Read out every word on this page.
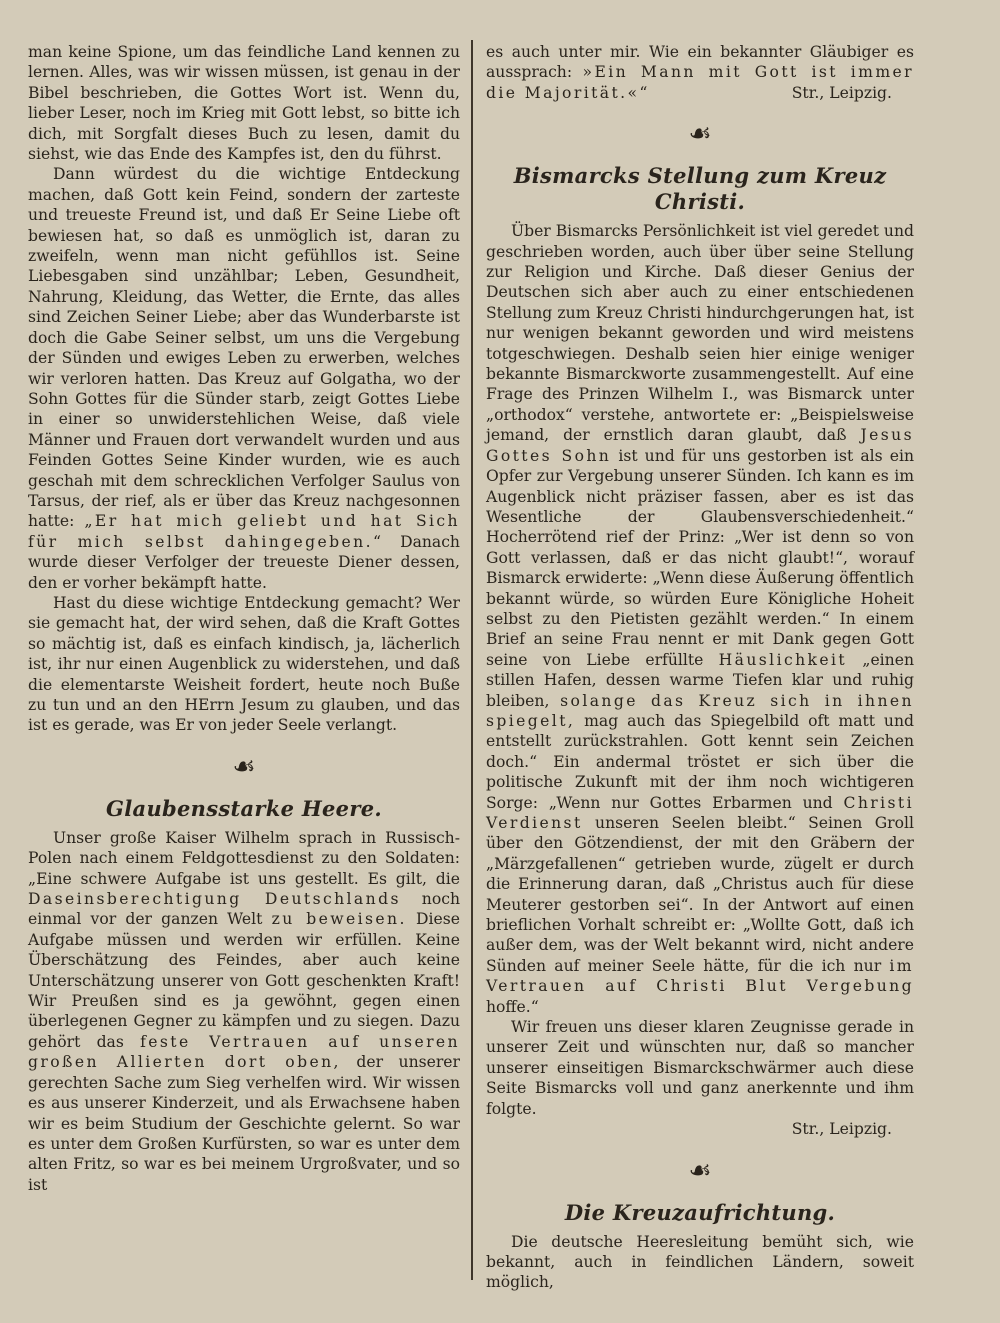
man keine Spione, um das feindliche Land kennen zu lernen. Alles, was wir wissen müssen, ist genau in der Bibel beschrieben, die Gottes Wort ist. Wenn du, lieber Leser, noch im Krieg mit Gott lebst, so bitte ich dich, mit Sorgfalt dieses Buch zu lesen, damit du siehst, wie das Ende des Kampfes ist, den du führst.

Dann würdest du die wichtige Entdeckung machen, daß Gott kein Feind, sondern der zarteste und treueste Freund ist, und daß Er Seine Liebe oft bewiesen hat, so daß es unmöglich ist, daran zu zweifeln, wenn man nicht gefühllos ist. Seine Liebesgaben sind unzählbar; Leben, Gesundheit, Nahrung, Kleidung, das Wetter, die Ernte, das alles sind Zeichen Seiner Liebe; aber das Wunderbarste ist doch die Gabe Seiner selbst, um uns die Vergebung der Sünden und ewiges Leben zu erwerben, welches wir verloren hatten. Das Kreuz auf Golgatha, wo der Sohn Gottes für die Sünder starb, zeigt Gottes Liebe in einer so unwiderstehlichen Weise, daß viele Männer und Frauen dort verwandelt wurden und aus Feinden Gottes Seine Kinder wurden, wie es auch geschah mit dem schrecklichen Verfolger Saulus von Tarsus, der rief, als er über das Kreuz nachgesonnen hatte: „Er hat mich geliebt und hat Sich für mich selbst dahingegeben.“ Danach wurde dieser Verfolger der treueste Diener dessen, den er vorher bekämpft hatte.

Hast du diese wichtige Entdeckung gemacht? Wer sie gemacht hat, der wird sehen, daß die Kraft Gottes so mächtig ist, daß es einfach kindisch, ja, lächerlich ist, ihr nur einen Augenblick zu widerstehen, und daß die elementarste Weisheit fordert, heute noch Buße zu tun und an den HErrn Jesum zu glauben, und das ist es gerade, was Er von jeder Seele verlangt.

☙
Glaubensstarke Heere.

Unser große Kaiser Wilhelm sprach in Russisch-Polen nach einem Feldgottesdienst zu den Soldaten: „Eine schwere Aufgabe ist uns gestellt. Es gilt, die Daseinsberechtigung Deutschlands noch einmal vor der ganzen Welt zu beweisen. Diese Aufgabe müssen und werden wir erfüllen. Keine Überschätzung des Feindes, aber auch keine Unterschätzung unserer von Gott geschenkten Kraft! Wir Preußen sind es ja gewöhnt, gegen einen überlegenen Gegner zu kämpfen und zu siegen. Dazu gehört das feste Vertrauen auf unseren großen Allierten dort oben, der unserer gerechten Sache zum Sieg verhelfen wird. Wir wissen es aus unserer Kinderzeit, und als Erwachsene haben wir es beim Studium der Geschichte gelernt. So war es unter dem Großen Kurfürsten, so war es unter dem alten Fritz, so war es bei meinem Urgroßvater, und so ist

es auch unter mir. Wie ein bekannter Gläubiger es aussprach: »Ein Mann mit Gott ist immer die Majorität.«“	Str., Leipzig.

☙
Bismarcks Stellung zum Kreuz Christi.

Über Bismarcks Persönlichkeit ist viel geredet und geschrieben worden, auch über über seine Stellung zur Religion und Kirche. Daß dieser Genius der Deutschen sich aber auch zu einer entschiedenen Stellung zum Kreuz Christi hindurchgerungen hat, ist nur wenigen bekannt geworden und wird meistens totgeschwiegen. Deshalb seien hier einige weniger bekannte Bismarckworte zusammengestellt. Auf eine Frage des Prinzen Wilhelm I., was Bismarck unter „orthodox“ verstehe, antwortete er: „Beispielsweise jemand, der ernstlich daran glaubt, daß Jesus Gottes Sohn ist und für uns gestorben ist als ein Opfer zur Vergebung unserer Sünden. Ich kann es im Augenblick nicht präziser fassen, aber es ist das Wesentliche der Glaubensverschiedenheit.“ Hocherrötend rief der Prinz: „Wer ist denn so von Gott verlassen, daß er das nicht glaubt!“, worauf Bismarck erwiderte: „Wenn diese Äußerung öffentlich bekannt würde, so würden Eure Königliche Hoheit selbst zu den Pietisten gezählt werden.“ In einem Brief an seine Frau nennt er mit Dank gegen Gott seine von Liebe erfüllte Häuslichkeit „einen stillen Hafen, dessen warme Tiefen klar und ruhig bleiben, solange das Kreuz sich in ihnen spiegelt, mag auch das Spiegelbild oft matt und entstellt zurückstrahlen. Gott kennt sein Zeichen doch.“ Ein andermal tröstet er sich über die politische Zukunft mit der ihm noch wichtigeren Sorge: „Wenn nur Gottes Erbarmen und Christi Verdienst unseren Seelen bleibt.“ Seinen Groll über den Götzendienst, der mit den Gräbern der „Märzgefallenen“ getrieben wurde, zügelt er durch die Erinnerung daran, daß „Christus auch für diese Meuterer gestorben sei“. In der Antwort auf einen brieflichen Vorhalt schreibt er: „Wollte Gott, daß ich außer dem, was der Welt bekannt wird, nicht andere Sünden auf meiner Seele hätte, für die ich nur im Vertrauen auf Christi Blut Vergebung hoffe.“

Wir freuen uns dieser klaren Zeugnisse gerade in unserer Zeit und wünschten nur, daß so mancher unserer einseitigen Bismarckschwärmer auch diese Seite Bismarcks voll und ganz anerkennte und ihm folgte.

Str., Leipzig.

☙
Die Kreuzaufrichtung.

Die deutsche Heeresleitung bemüht sich, wie bekannt, auch in feindlichen Ländern, soweit möglich,
